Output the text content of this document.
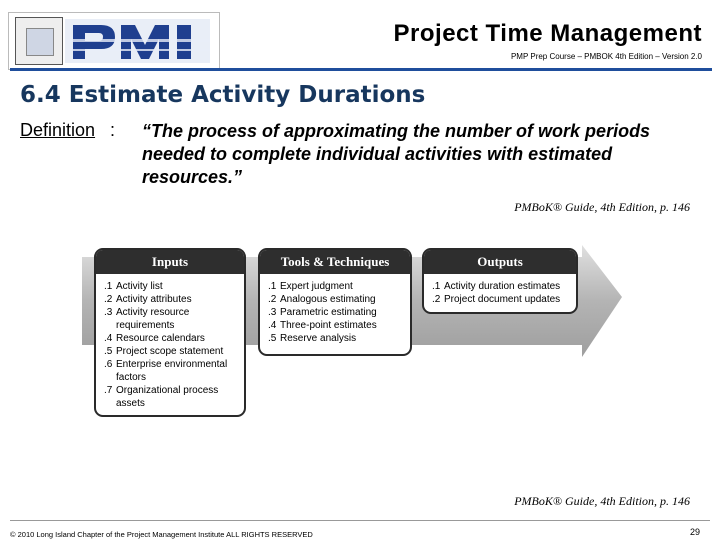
Project Time Management
PMP Prep Course – PMBOK 4th Edition – Version 2.0
6.4 Estimate Activity Durations
Definition : “The process of approximating the number of work periods needed to complete individual activities with estimated resources.”
PMBoK® Guide, 4th Edition, p. 146
Inputs
.1 Activity list
.2 Activity attributes
.3 Activity resource requirements
.4 Resource calendars
.5 Project scope statement
.6 Enterprise environmental factors
.7 Organizational process assets
Tools & Techniques
.1 Expert judgment
.2 Analogous estimating
.3 Parametric estimating
.4 Three-point estimates
.5 Reserve analysis
Outputs
.1 Activity duration estimates
.2 Project document updates
PMBoK® Guide, 4th Edition, p. 146
© 2010 Long Island Chapter of the Project Management Institute ALL RIGHTS RESERVED	29
